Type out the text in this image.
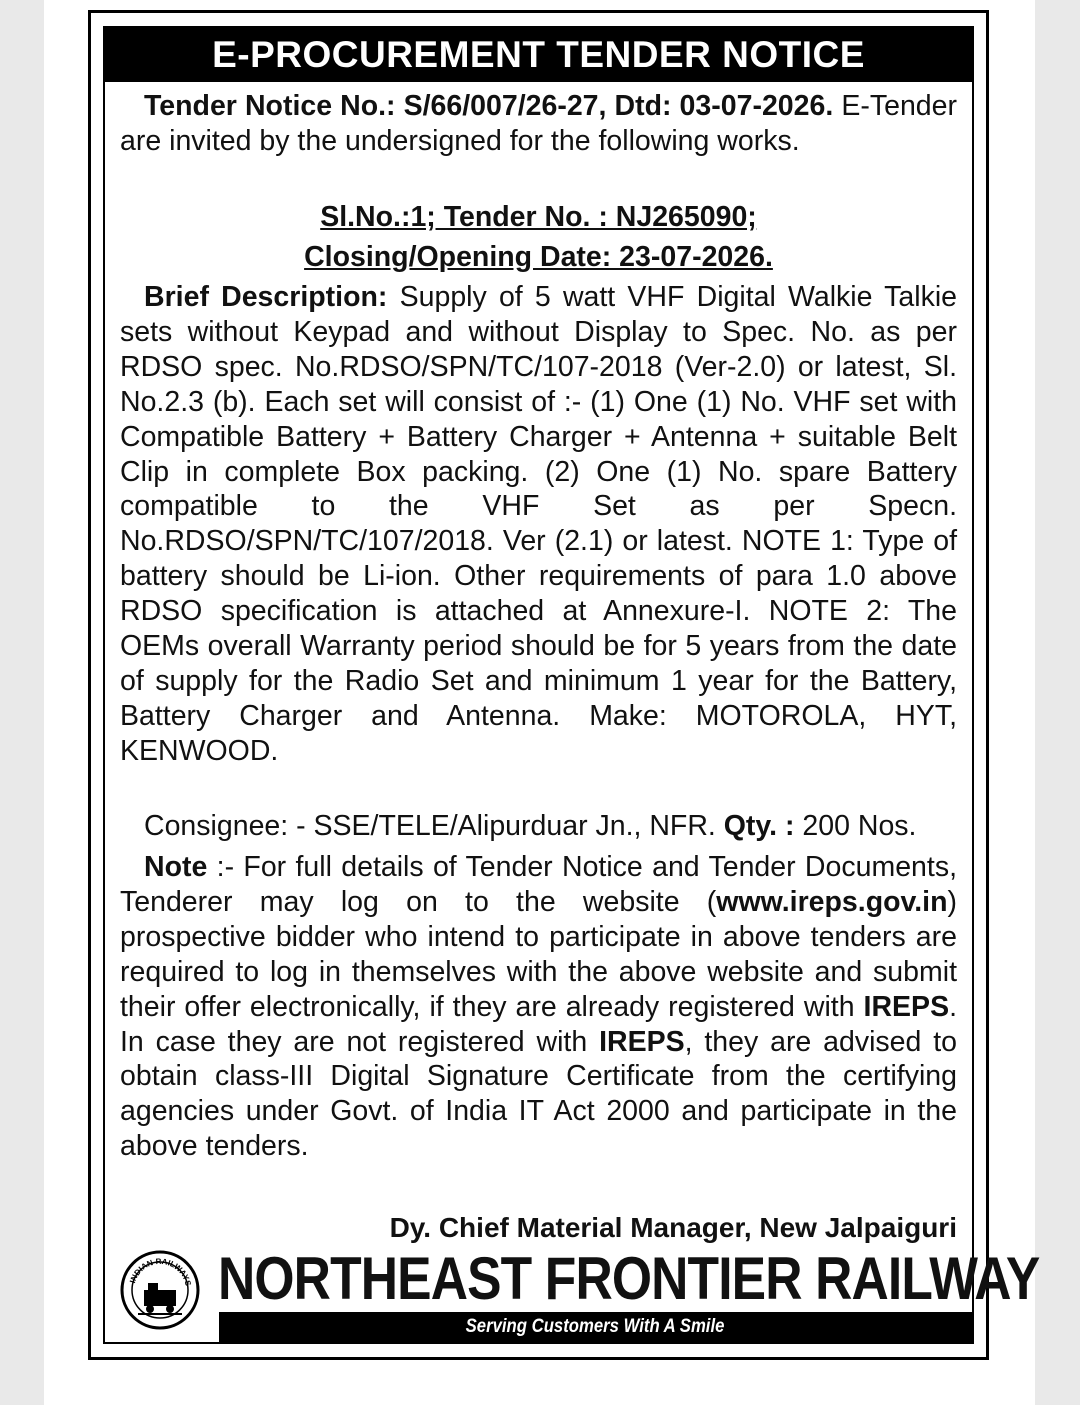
E-PROCUREMENT TENDER NOTICE

Tender Notice No.: S/66/007/26-27, Dtd: 03-07-2026. E-Tender are invited by the undersigned for the following works.

Sl.No.:1; Tender No. : NJ265090;
Closing/Opening Date: 23-07-2026.

Brief Description: Supply of 5 watt VHF Digital Walkie Talkie sets without Keypad and without Display to Spec. No. as per RDSO spec. No.RDSO/SPN/TC/107-2018 (Ver-2.0) or latest, Sl. No.2.3 (b). Each set will consist of :- (1) One (1) No. VHF set with Compatible Battery + Battery Charger + Antenna + suitable Belt Clip in complete Box packing. (2) One (1) No. spare Battery compatible to the VHF Set as per Specn. No.RDSO/SPN/TC/107/2018. Ver (2.1) or latest. NOTE 1: Type of battery should be Li-ion. Other requirements of para 1.0 above RDSO specification is attached at Annexure-I. NOTE 2: The OEMs overall Warranty period should be for 5 years from the date of supply for the Radio Set and minimum 1 year for the Battery, Battery Charger and Antenna. Make: MOTOROLA, HYT, KENWOOD.

Consignee: - SSE/TELE/Alipurduar Jn., NFR. Qty. : 200 Nos.

Note :- For full details of Tender Notice and Tender Documents, Tenderer may log on to the website (www.ireps.gov.in) prospective bidder who intend to participate in above tenders are required to log in themselves with the above website and submit their offer electronically, if they are already registered with IREPS. In case they are not registered with IREPS, they are advised to obtain class-III Digital Signature Certificate from the certifying agencies under Govt. of India IT Act 2000 and participate in the above tenders.

Dy. Chief Material Manager, New Jalpaiguri
INDIAN RAILWAYS NORTHEAST FRONTIER RAILWAY
Serving Customers With A Smile
